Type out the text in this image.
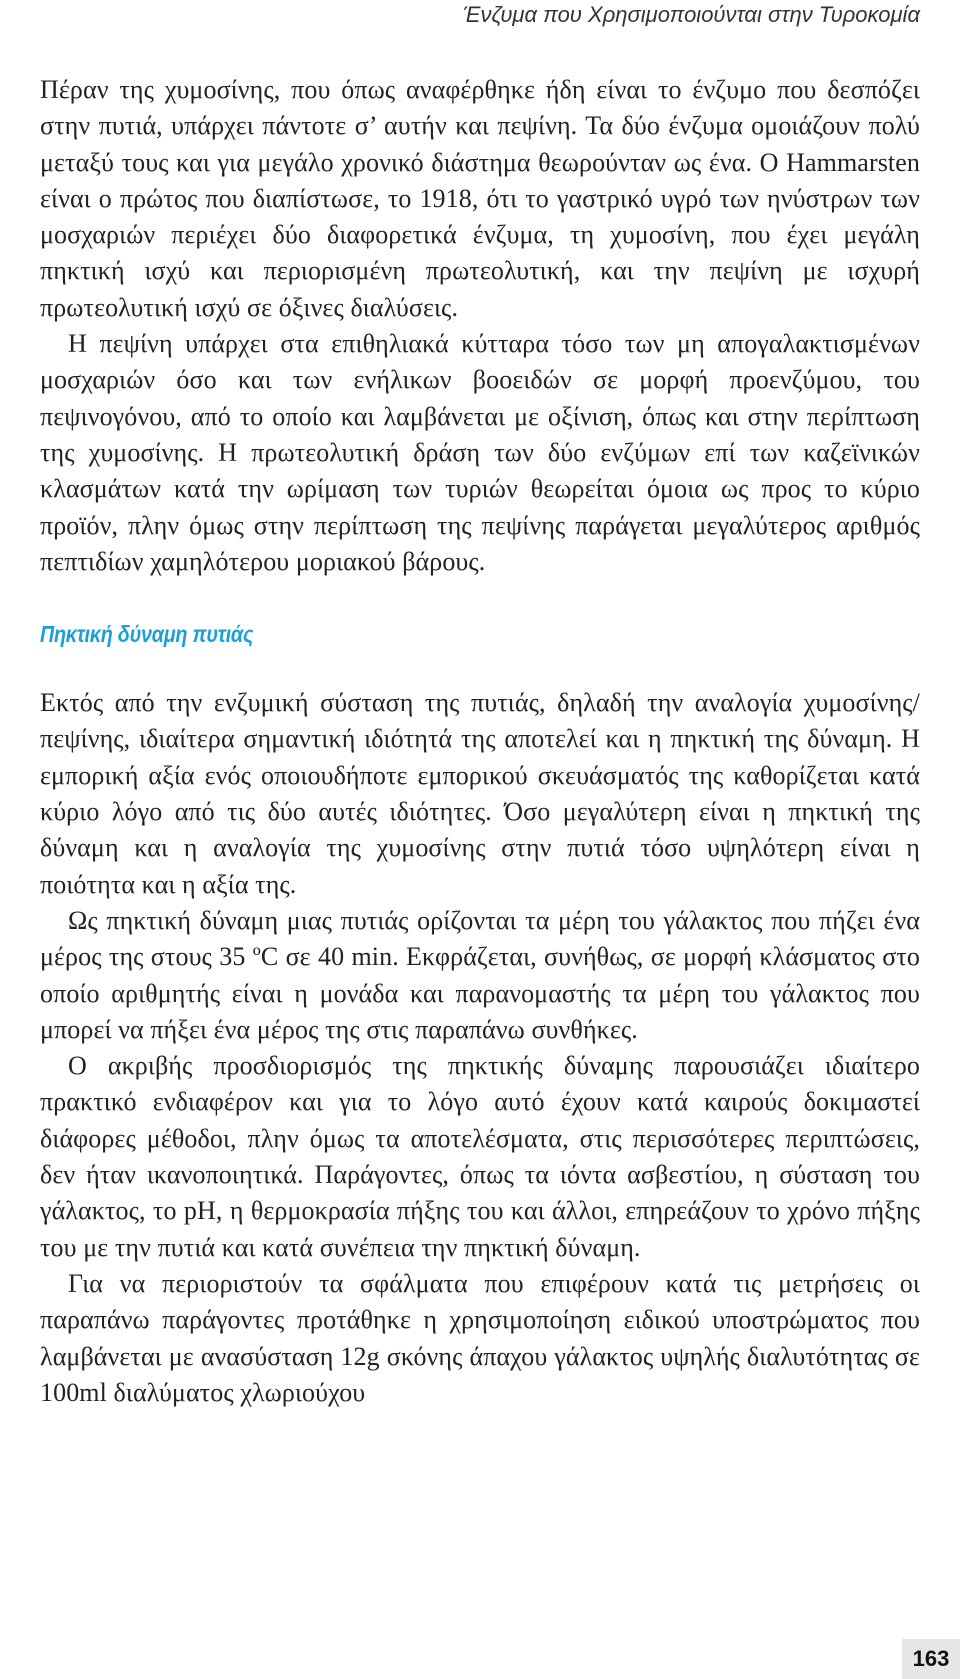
Ένζυμα που Χρησιμοποιούνται στην Τυροκομία

Πέραν της χυμοσίνης, που όπως αναφέρθηκε ήδη είναι το ένζυμο που δεσπόζει στην πυτιά, υπάρχει πάντοτε σ’ αυτήν και πεψίνη. Τα δύο ένζυμα ομοιάζουν πολύ μεταξύ τους και για μεγάλο χρονικό διάστημα θεωρούνταν ως ένα. Ο Hammarsten είναι ο πρώτος που διαπίστωσε, το 1918, ότι το γαστρικό υγρό των ηνύστρων των μοσχαριών περιέχει δύο διαφορετικά ένζυμα, τη χυμοσίνη, που έχει μεγάλη πηκτική ισχύ και περιορισμένη πρωτεολυτική, και την πεψίνη με ισχυρή πρωτεολυτική ισχύ σε όξινες διαλύσεις.

Η πεψίνη υπάρχει στα επιθηλιακά κύτταρα τόσο των μη απογαλακτισμένων μοσχαριών όσο και των ενήλικων βοοειδών σε μορφή προενζύμου, του πεψινογόνου, από το οποίο και λαμβάνεται με οξίνιση, όπως και στην περίπτωση της χυμοσίνης. Η πρωτεολυτική δράση των δύο ενζύμων επί των καζεϊνικών κλασμάτων κατά την ωρίμαση των τυριών θεωρείται όμοια ως προς το κύριο προϊόν, πλην όμως στην περίπτωση της πεψίνης παράγεται μεγαλύτερος αριθμός πεπτιδίων χαμηλότερου μοριακού βάρους.

Πηκτική δύναμη πυτιάς

Εκτός από την ενζυμική σύσταση της πυτιάς, δηλαδή την αναλογία χυμοσίνης/πεψίνης, ιδιαίτερα σημαντική ιδιότητά της αποτελεί και η πηκτική της δύναμη. Η εμπορική αξία ενός οποιουδήποτε εμπορικού σκευάσματός της καθορίζεται κατά κύριο λόγο από τις δύο αυτές ιδιότητες. Όσο μεγαλύτερη είναι η πηκτική της δύναμη και η αναλογία της χυμοσίνης στην πυτιά τόσο υψηλότερη είναι η ποιότητα και η αξία της.

Ως πηκτική δύναμη μιας πυτιάς ορίζονται τα μέρη του γάλακτος που πήζει ένα μέρος της στους 35 ºC σε 40 min. Εκφράζεται, συνήθως, σε μορφή κλάσματος στο οποίο αριθμητής είναι η μονάδα και παρανομαστής τα μέρη του γάλακτος που μπορεί να πήξει ένα μέρος της στις παραπάνω συνθήκες.

Ο ακριβής προσδιορισμός της πηκτικής δύναμης παρουσιάζει ιδιαίτερο πρακτικό ενδιαφέρον και για το λόγο αυτό έχουν κατά καιρούς δοκιμαστεί διάφορες μέθοδοι, πλην όμως τα αποτελέσματα, στις περισσότερες περιπτώσεις, δεν ήταν ικανοποιητικά. Παράγοντες, όπως τα ιόντα ασβεστίου, η σύσταση του γάλακτος, το pH, η θερμοκρασία πήξης του και άλλοι, επηρεάζουν το χρόνο πήξης του με την πυτιά και κατά συνέπεια την πηκτική δύναμη.

Για να περιοριστούν τα σφάλματα που επιφέρουν κατά τις μετρήσεις οι παραπάνω παράγοντες προτάθηκε η χρησιμοποίηση ειδικού υποστρώματος που λαμβάνεται με ανασύσταση 12g σκόνης άπαχου γάλακτος υψηλής διαλυτότητας σε 100ml διαλύματος χλωριούχου

163
